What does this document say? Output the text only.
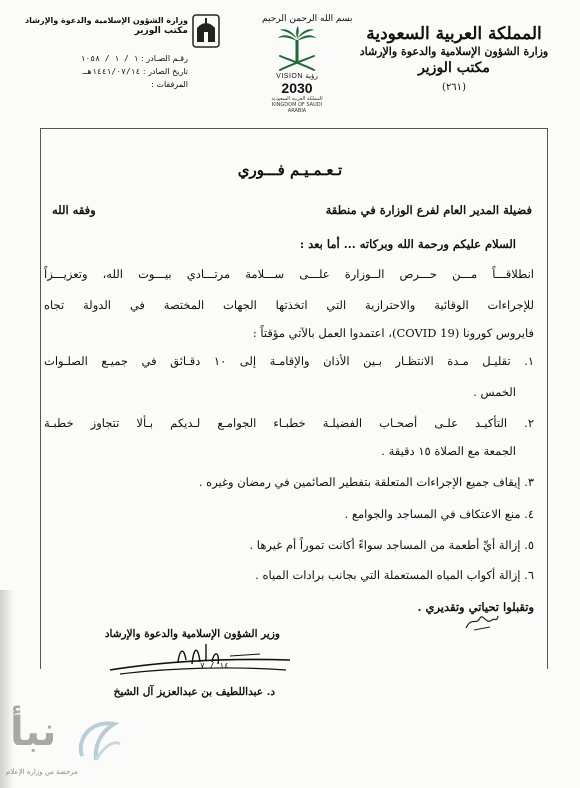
المملكة العربية السعودية
وزارة الشؤون الإسلامية والدعوة والإرشاد
مكتب الوزير
(٢٦١)
بسم الله الرحمن الرحيم
VISION رؤية
2030
المملكة العربية السعودية
KINGDOM OF SAUDI ARABIA
وزارة الشؤون الإسلامية والدعوة والإرشاد
مكتب الوزير
رقـم الصـادر : ١ / ١ / ١٠٥٨
تاريخ الصادر : ١٤٤١/٠٧/١٤هـ
المرفقات :
تـعـمـيـم فـــوري
فضيلة المدير العام لفرع الوزارة في منطقة
وفقه الله
السلام عليكم ورحمة الله وبركاته ... أما بعد :
انطلاقـــاً مـــن حـــرص الــوزارة علـــى ســـلامة مرتـــادي بيـــوت الله، وتعزيـــزاً
للإجراءات الوقائية والاحترازية التي اتخذتها الجهات المختصة في الدولة تجاه
فايروس كورونا (COVID 19)، اعتمدوا العمل بالآتي مؤقتاً :
١. تقليـل مـدة الانتظـار بـين الأذان والإقامـة إلى ١٠ دقـائق في جميـع الصلـوات
الخمس .
٢. التأكيـد علـى أصحـاب الفضيلـة خطبـاء الجوامـع لـديكم بـألا تتجاوز خطبـة
الجمعة مع الصلاة ١٥ دقيقة .
٣. إيقاف جميع الإجراءات المتعلقة بتفطير الصائمين في رمضان وغيره .
٤. منع الاعتكاف في المساجد والجوامع .
٥. إزالة أيِّ أطعمة من المساجد سواءً أكانت تموراً أم غيرها .
٦. إزالة أكواب المياه المستعملة التي بجانب برادات المياه .
وتقبلوا تحياتي وتقديري .
وزير الشؤون الإسلامية والدعوة والإرشاد
١٤ / ٧
د. عبداللطيف بن عبدالعزيز آل الشيخ
نبأ
مرخصة من وزارة الإعلام
